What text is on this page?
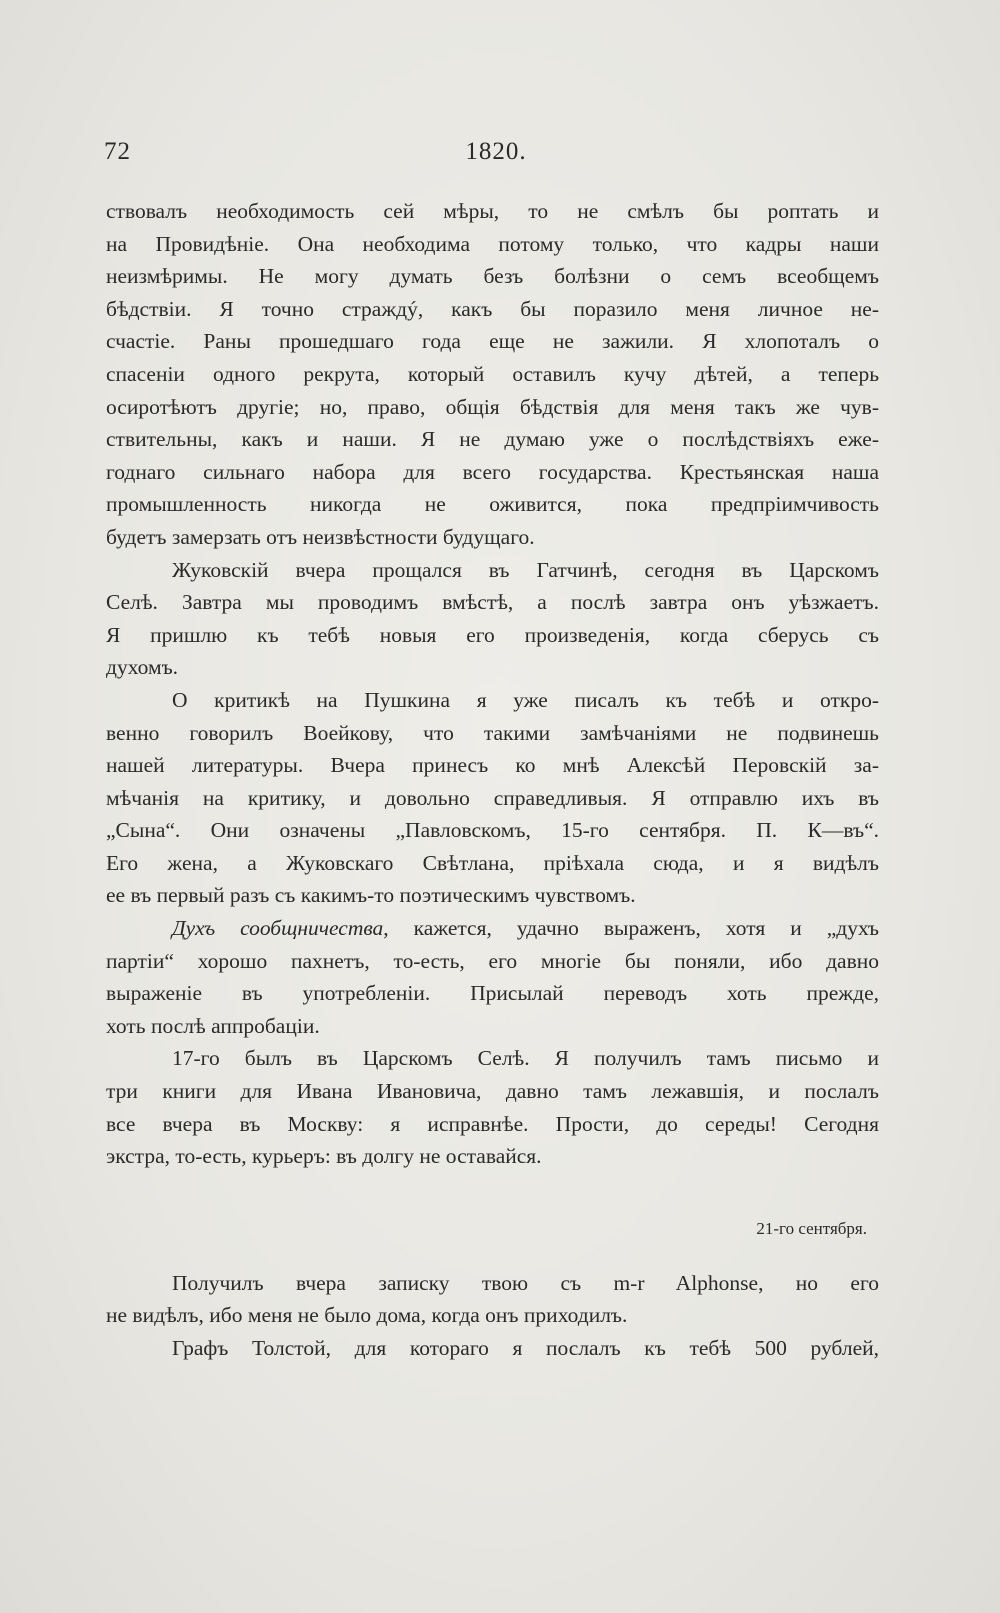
72	1820.
ствовалъ необходимость сей мѣры, то не смѣлъ бы роптать и
на Провидѣніе. Она необходима потому только, что кадры наши
неизмѣримы. Не могу думать безъ болѣзни о семъ всеобщемъ
бѣдствіи. Я точно страждý, какъ бы поразило меня личное не-
счастіе. Раны прошедшаго года еще не зажили. Я хлопоталъ о
спасеніи одного рекрута, который оставилъ кучу дѣтей, а теперь
осиротѣютъ другіе; но, право, общія бѣдствія для меня такъ же чув-
ствительны, какъ и наши. Я не думаю уже о послѣдствіяхъ еже-
годнаго сильнаго набора для всего государства. Крестьянская наша
промышленность никогда не оживится, пока предпріимчивость
будетъ замерзать отъ неизвѣстности будущаго.
Жуковскій вчера прощался въ Гатчинѣ, сегодня въ Царскомъ
Селѣ. Завтра мы проводимъ вмѣстѣ, а послѣ завтра онъ уѣзжаетъ.
Я пришлю къ тебѣ новыя его произведенія, когда сберусь съ
духомъ.
О критикѣ на Пушкина я уже писалъ къ тебѣ и откро-
венно говорилъ Воейкову, что такими замѣчаніями не подвинешь
нашей литературы. Вчера принесъ ко мнѣ Алексѣй Перовскій за-
мѣчанія на критику, и довольно справедливыя. Я отправлю ихъ въ
„Сына“. Они означены „Павловскомъ, 15-го сентября. П. К—въ“.
Его жена, а Жуковскаго Свѣтлана, пріѣхала сюда, и я видѣлъ
ее въ первый разъ съ какимъ-то поэтическимъ чувствомъ.
Духъ сообщничества, кажется, удачно выраженъ, хотя и „духъ
партіи“ хорошо пахнетъ, то-есть, его многіе бы поняли, ибо давно
выраженіе въ употребленіи. Присылай переводъ хоть прежде,
хоть послѣ аппробаціи.
17-го былъ въ Царскомъ Селѣ. Я получилъ тамъ письмо и
три книги для Ивана Ивановича, давно тамъ лежавшія, и послалъ
все вчера въ Москву: я исправнѣе. Прости, до середы! Сегодня
экстра, то-есть, курьеръ: въ долгу не оставайся.
21-го сентября.
Получилъ вчера записку твою съ m-r Alphonse, но его
не видѣлъ, ибо меня не было дома, когда онъ приходилъ.
Графъ Толстой, для котораго я послалъ къ тебѣ 500 рублей,
